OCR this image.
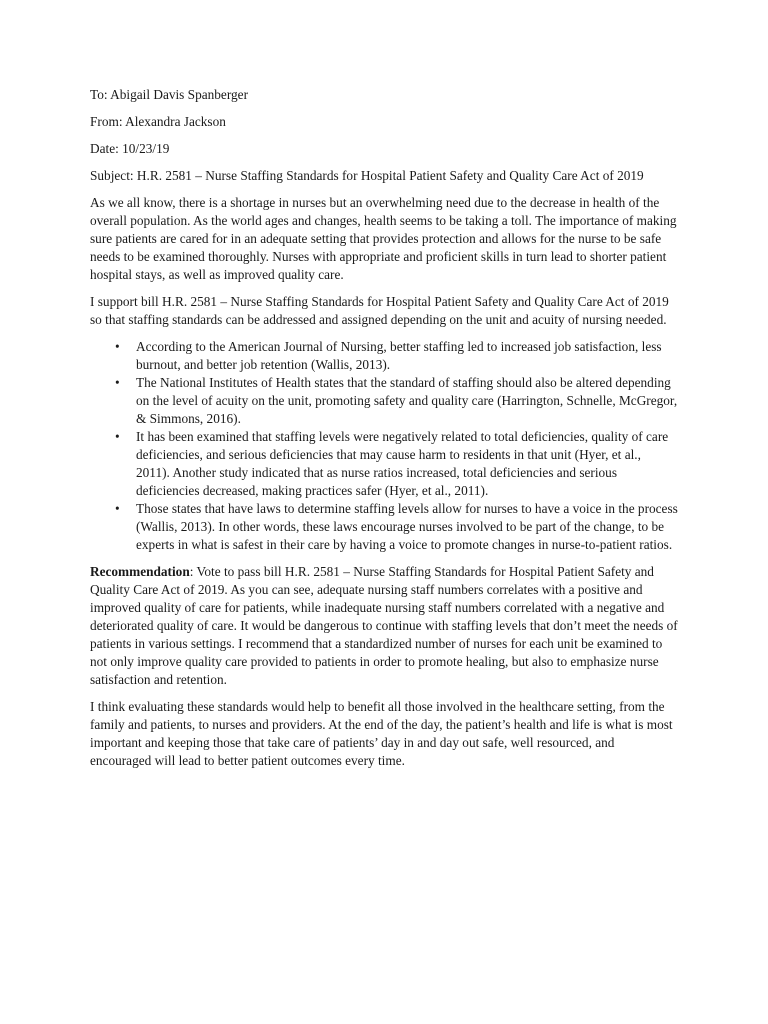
To: Abigail Davis Spanberger

From: Alexandra Jackson

Date: 10/23/19

Subject: H.R. 2581 – Nurse Staffing Standards for Hospital Patient Safety and Quality Care Act of 2019

As we all know, there is a shortage in nurses but an overwhelming need due to the decrease in health of the overall population. As the world ages and changes, health seems to be taking a toll. The importance of making sure patients are cared for in an adequate setting that provides protection and allows for the nurse to be safe needs to be examined thoroughly. Nurses with appropriate and proficient skills in turn lead to shorter patient hospital stays, as well as improved quality care.

I support bill H.R. 2581 – Nurse Staffing Standards for Hospital Patient Safety and Quality Care Act of 2019 so that staffing standards can be addressed and assigned depending on the unit and acuity of nursing needed.

• According to the American Journal of Nursing, better staffing led to increased job satisfaction, less burnout, and better job retention (Wallis, 2013).
• The National Institutes of Health states that the standard of staffing should also be altered depending on the level of acuity on the unit, promoting safety and quality care (Harrington, Schnelle, McGregor, & Simmons, 2016).
• It has been examined that staffing levels were negatively related to total deficiencies, quality of care deficiencies, and serious deficiencies that may cause harm to residents in that unit (Hyer, et al., 2011). Another study indicated that as nurse ratios increased, total deficiencies and serious deficiencies decreased, making practices safer (Hyer, et al., 2011).
• Those states that have laws to determine staffing levels allow for nurses to have a voice in the process (Wallis, 2013). In other words, these laws encourage nurses involved to be part of the change, to be experts in what is safest in their care by having a voice to promote changes in nurse-to-patient ratios.

Recommendation: Vote to pass bill H.R. 2581 – Nurse Staffing Standards for Hospital Patient Safety and Quality Care Act of 2019. As you can see, adequate nursing staff numbers correlates with a positive and improved quality of care for patients, while inadequate nursing staff numbers correlated with a negative and deteriorated quality of care. It would be dangerous to continue with staffing levels that don’t meet the needs of patients in various settings. I recommend that a standardized number of nurses for each unit be examined to not only improve quality care provided to patients in order to promote healing, but also to emphasize nurse satisfaction and retention.

I think evaluating these standards would help to benefit all those involved in the healthcare setting, from the family and patients, to nurses and providers. At the end of the day, the patient’s health and life is what is most important and keeping those that take care of patients’ day in and day out safe, well resourced, and encouraged will lead to better patient outcomes every time.
